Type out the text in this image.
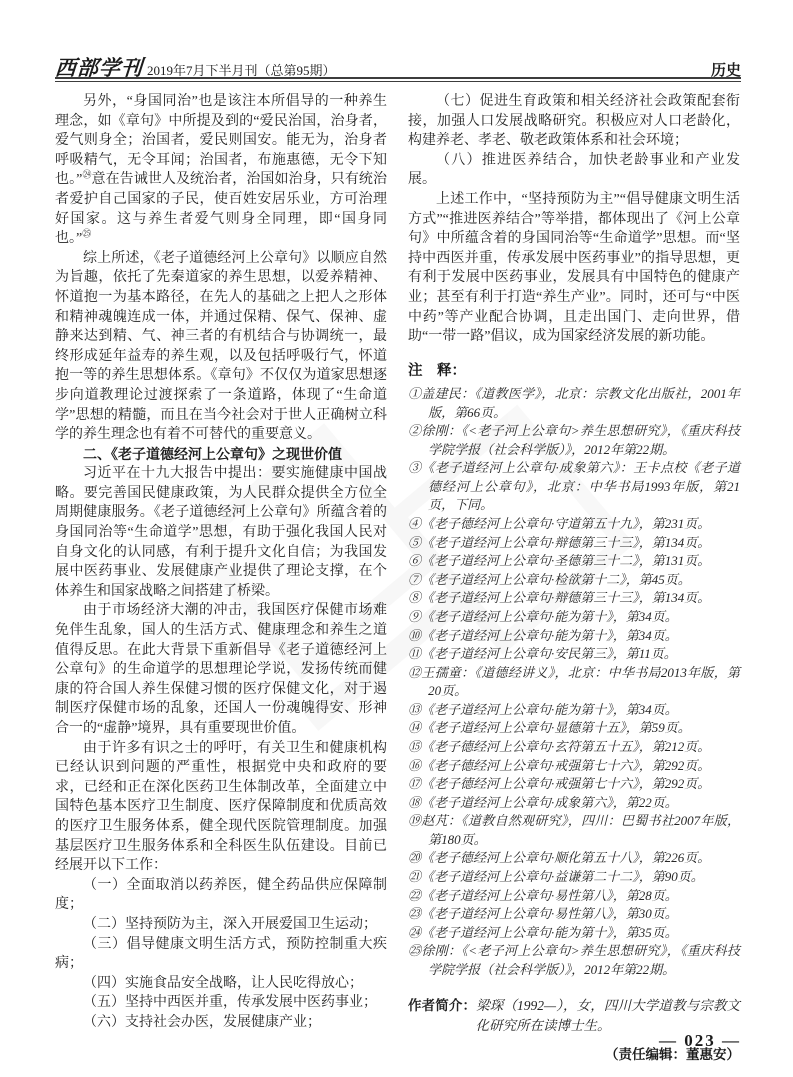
西部学刊 2019年7月下半月刊（总第95期）	历史

另外，“身国同治”也是该注本所倡导的一种养生理念，如《章句》中所提及到的“爱民治国，治身者，爱气则身全；治国者，爱民则国安。能无为，治身者呼吸精气，无令耳闻；治国者，布施惠德，无令下知也。”$^㉔$意在告诫世人及统治者，治国如治身，只有统治者爱护自己国家的子民，使百姓安居乐业，方可治理好国家。这与养生者爱气则身全同理，即“国身同也。”$^㉕$

综上所述，《老子道德经河上公章句》以顺应自然为旨趣，依托了先秦道家的养生思想，以爱养精神、怀道抱一为基本路径，在先人的基础之上把人之形体和精神魂魄连成一体，并通过保精、保气、保神、虚静来达到精、气、神三者的有机结合与协调统一，最终形成延年益寿的养生观，以及包括呼吸行气，怀道抱一等的养生思想体系。《章句》不仅仅为道家思想逐步向道教理论过渡探索了一条道路，体现了“生命道学”思想的精髓，而且在当今社会对于世人正确树立科学的养生理念也有着不可替代的重要意义。

二、《老子道德经河上公章句》之现世价值

习近平在十九大报告中提出：要实施健康中国战略。要完善国民健康政策，为人民群众提供全方位全周期健康服务。《老子道德经河上公章句》所蕴含着的身国同治等“生命道学”思想，有助于强化我国人民对自身文化的认同感，有利于提升文化自信；为我国发展中医药事业、发展健康产业提供了理论支撑，在个体养生和国家战略之间搭建了桥梁。

由于市场经济大潮的冲击，我国医疗保健市场难免伴生乱象，国人的生活方式、健康理念和养生之道值得反思。在此大背景下重新倡导《老子道德经河上公章句》的生命道学的思想理论学说，发扬传统而健康的符合国人养生保健习惯的医疗保健文化，对于遏制医疗保健市场的乱象，还国人一份魂魄得安、形神合一的“虚静”境界，具有重要现世价值。

由于许多有识之士的呼吁，有关卫生和健康机构已经认识到问题的严重性，根据党中央和政府的要求，已经和正在深化医药卫生体制改革，全面建立中国特色基本医疗卫生制度、医疗保障制度和优质高效的医疗卫生服务体系，健全现代医院管理制度。加强基层医疗卫生服务体系和全科医生队伍建设。目前已经展开以下工作：

（一）全面取消以药养医，健全药品供应保障制度；

（二）坚持预防为主，深入开展爱国卫生运动；

（三）倡导健康文明生活方式，预防控制重大疾病；

（四）实施食品安全战略，让人民吃得放心；

（五）坚持中西医并重，传承发展中医药事业；

（六）支持社会办医，发展健康产业；

（七）促进生育政策和相关经济社会政策配套衔接，加强人口发展战略研究。积极应对人口老龄化，构建养老、孝老、敬老政策体系和社会环境；

（八）推进医养结合，加快老龄事业和产业发展。

上述工作中，“坚持预防为主”“倡导健康文明生活方式”“推进医养结合”等举措，都体现出了《河上公章句》中所蕴含着的身国同治等“生命道学”思想。而“坚持中西医并重，传承发展中医药事业”的指导思想，更有利于发展中医药事业，发展具有中国特色的健康产业；甚至有利于打造“养生产业”。同时，还可与“中医中药”等产业配合协调，且走出国门、走向世界，借助“一带一路”倡议，成为国家经济发展的新功能。

注　释：

①盖建民：《道教医学》，北京：宗教文化出版社，2001年版，第66页。

②徐刚：《<老子河上公章句>养生思想研究》，《重庆科技学院学报（社会科学版）》，2012年第22期。

③《老子道经河上公章句·成象第六》：王卡点校《老子道德经河上公章句》，北京：中华书局1993年版，第21页，下同。

④《老子德经河上公章句·守道第五十九》，第231页。

⑤《老子道经河上公章句·辩德第三十三》，第134页。

⑥《老子道经河上公章句·圣德第三十二》，第131页。

⑦《老子道经河上公章句·检欲第十二》，第45页。

⑧《老子道经河上公章句·辩德第三十三》，第134页。

⑨《老子道经河上公章句·能为第十》，第34页。

⑩《老子道经河上公章句·能为第十》，第34页。

⑪《老子道经河上公章句·安民第三》，第11页。

⑫王孺童：《道德经讲义》，北京：中华书局2013年版，第20页。

⑬《老子道经河上公章句·能为第十》，第34页。

⑭《老子道经河上公章句·显德第十五》，第59页。

⑮《老子德经河上公章句·玄符第五十五》，第212页。

⑯《老子德经河上公章句·戒强第七十六》，第292页。

⑰《老子德经河上公章句·戒强第七十六》，第292页。

⑱《老子道经河上公章句·成象第六》，第22页。

⑲赵芃：《道教自然观研究》，四川：巴蜀书社2007年版，第180页。

⑳《老子德经河上公章句·顺化第五十八》，第226页。

㉑《老子道经河上公章句·益谦第二十二》，第90页。

㉒《老子道经河上公章句·易性第八》，第28页。

㉓《老子道经河上公章句·易性第八》，第30页。

㉔《老子道经河上公章句·能为第十》，第35页。

㉕徐刚：《<老子河上公章句>养生思想研究》，《重庆科技学院学报（社会科学版）》，2012年第22期。

作者简介：梁琛（1992—），女，四川大学道教与宗教文化研究所在读博士生。
（责任编辑：董惠安）
— 023 —
